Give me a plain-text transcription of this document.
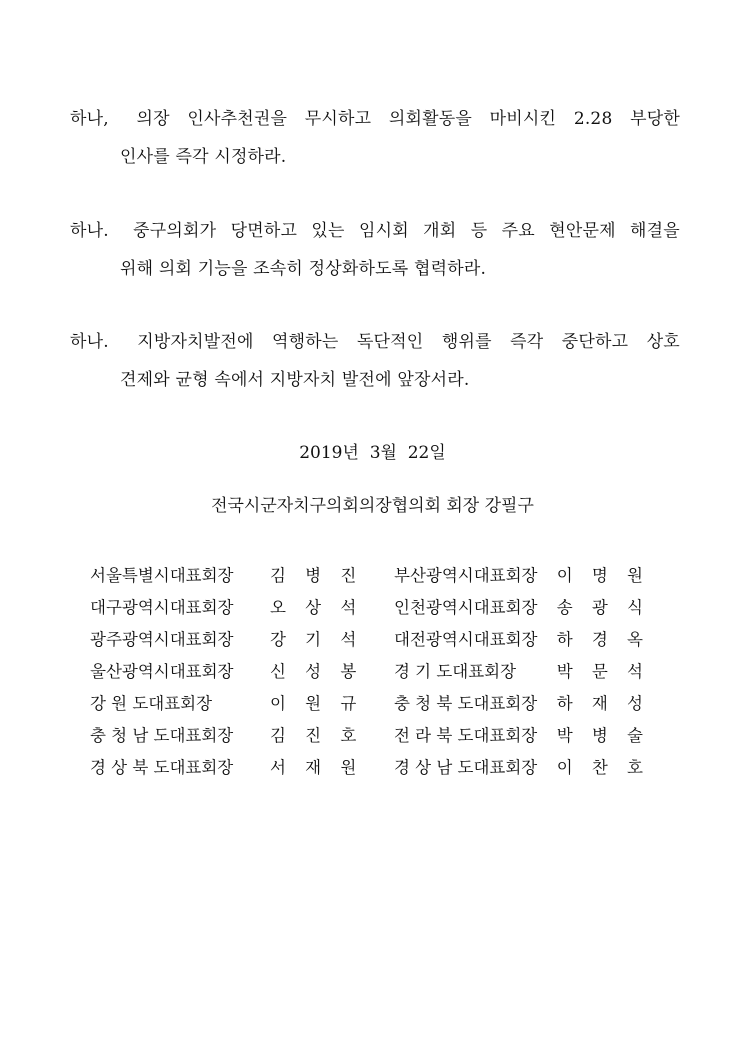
하나, 의장 인사추천권을 무시하고 의회활동을 마비시킨 2.28 부당한
인사를 즉각 시정하라.
하나. 중구의회가 당면하고 있는 임시회 개회 등 주요 현안문제 해결을
위해 의회 기능을 조속히 정상화하도록 협력하라.
하나. 지방자치발전에 역행하는 독단적인 행위를 즉각 중단하고 상호
견제와 균형 속에서 지방자치 발전에 앞장서라.
2019년  3월  22일
전국시군자치구의회의장협의회 회장 강필구
서울특별시대표회장	김 병 진 부산광역시대표회장	이 명 원
대구광역시대표회장	오 상 석 인천광역시대표회장	송 광 식
광주광역시대표회장	강 기 석 대전광역시대표회장	하 경 옥
울산광역시대표회장	신 성 봉 경 기 도대표회장	박 문 석
강 원 도대표회장	이 원 규 충 청 북 도대표회장	하 재 성
충 청 남 도대표회장	김 진 호 전 라 북 도대표회장	박 병 술
경 상 북 도대표회장	서 재 원 경 상 남 도대표회장	이 찬 호
